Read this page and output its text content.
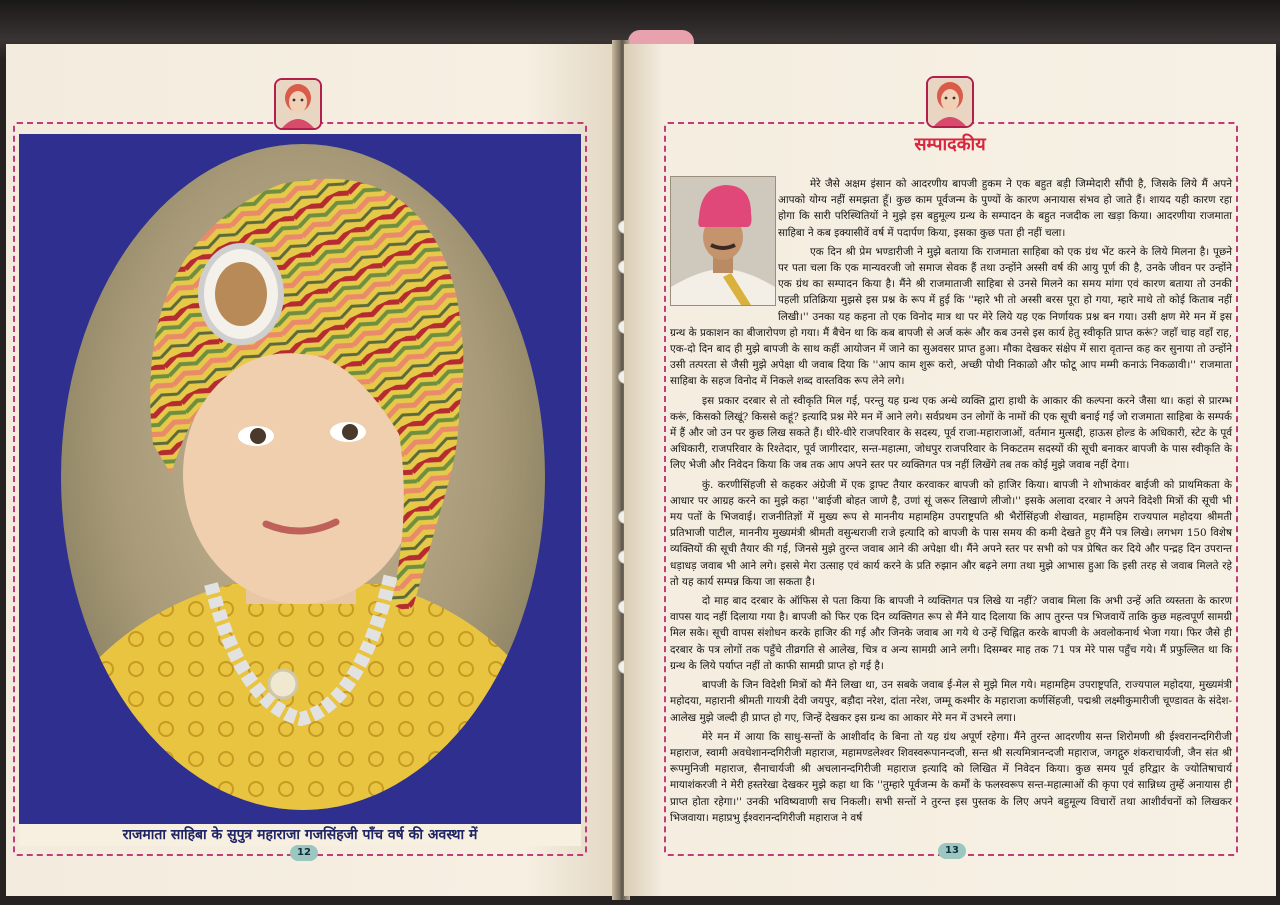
राजमाता साहिबा के सुपुत्र महाराजा गजसिंहजी पाँच वर्ष की अवस्था में
12
सम्पादकीय

मेरे जैसे अक्षम इंसान को आदरणीय बापजी हुकम ने एक बहुत बड़ी जिम्मेदारी सौंपी है, जिसके लिये मैं अपने आपको योग्य नहीं समझता हूँ। कुछ काम पूर्वजन्म के पुण्यों के कारण अनायास संभव हो जाते हैं। शायद यही कारण रहा होगा कि सारी परिस्थितियों ने मुझे इस बहुमूल्य ग्रन्थ के सम्पादन के बहुत नजदीक ला खड़ा किया। आदरणीया राजमाता साहिबा ने कब इक्यासीवें वर्ष में पदार्पण किया, इसका कुछ पता ही नहीं चला।

एक दिन श्री प्रेम भण्डारीजी ने मुझे बताया कि राजमाता साहिबा को एक ग्रंथ भेंट करने के लिये मिलना है। पूछने पर पता चला कि एक मान्यवरजी जो समाज सेवक हैं तथा उन्होंने अस्सी वर्ष की आयु पूर्ण की है, उनके जीवन पर उन्होंने एक ग्रंथ का सम्पादन किया है। मैंने श्री राजमाताजी साहिबा से उनसे मिलने का समय मांगा एवं कारण बताया तो उनकी पहली प्रतिक्रिया मुझसे इस प्रश्न के रूप में हुई कि ''म्हारे भी तो अस्सी बरस पूरा हो गया, म्हारे माथे तो कोई किताब नहीं लिखी।'' उनका यह कहना तो एक विनोद मात्र था पर मेरे लिये यह एक निर्णायक प्रश्न बन गया। उसी क्षण मेरे मन में इस ग्रन्थ के प्रकाशन का बीजारोपण हो गया। मैं बैचेन था कि कब बापजी से अर्ज करूं और कब उनसे इस कार्य हेतु स्वीकृति प्राप्त करूं? जहाँ चाह वहाँ राह, एक-दो दिन बाद ही मुझे बापजी के साथ कहीं आयोजन में जाने का सुअवसर प्राप्त हुआ। मौका देखकर संक्षेप में सारा वृतान्त कह कर सुनाया तो उन्होंने उसी तत्परता से जैसी मुझे अपेक्षा थी जवाब दिया कि ''आप काम शुरू करो, अच्छी पोथी निकाळो और फोटू आप मम्मी कनाऊं निकळावी।'' राजमाता साहिबा के सहज विनोद में निकले शब्द वास्तविक रूप लेने लगे।

इस प्रकार दरबार से तो स्वीकृति मिल गई, परन्तु यह ग्रन्थ एक अन्धे व्यक्ति द्वारा हाथी के आकार की कल्पना करने जैसा था। कहां से प्रारम्भ करूं, किसको लिखूं? किससे कहूं? इत्यादि प्रश्न मेरे मन में आने लगे। सर्वप्रथम उन लोगों के नामों की एक सूची बनाई गई जो राजमाता साहिबा के सम्पर्क में हैं और जो उन पर कुछ लिख सकते हैं। धीरे-धीरे राजपरिवार के सदस्य, पूर्व राजा-महाराजाओं, वर्तमान मुत्सद्दी, हाऊस होल्ड के अधिकारी, स्टेट के पूर्व अधिकारी, राजपरिवार के रिश्तेदार, पूर्व जागीरदार, सन्त-महात्मा, जोधपुर राजपरिवार के निकटतम सदस्यों की सूची बनाकर बापजी के पास स्वीकृति के लिए भेजी और निवेदन किया कि जब तक आप अपने स्तर पर व्यक्तिगत पत्र नहीं लिखेंगे तब तक कोई मुझे जवाब नहीं देगा।

कुं. करणीसिंहजी से कहकर अंग्रेजी में एक ड्राफ्ट तैयार करवाकर बापजी को हाजिर किया। बापजी ने शोभाकंवर बाईजी को प्राथमिकता के आधार पर आग्रह करने का मुझे कहा ''बाईजी बोहत जाणे है, उणां सूं जरूर लिखाणे लीजो।'' इसके अलावा दरबार ने अपने विदेशी मित्रों की सूची भी मय पतों के भिजवाई। राजनीतिज्ञों में मुख्य रूप से माननीय महामहिम उपराष्ट्रपति श्री भैरोंसिंहजी शेखावत, महामहिम राज्यपाल महोदया श्रीमती प्रतिभाजी पाटील, माननीय मुख्यमंत्री श्रीमती वसुन्धराजी राजे इत्यादि को बापजी के पास समय की कमी देखते हुए मैंने पत्र लिखे। लगभग 150 विशेष व्यक्तियों की सूची तैयार की गई, जिनसे मुझे तुरन्त जवाब आने की अपेक्षा थी। मैंने अपने स्तर पर सभी को पत्र प्रेषित कर दिये और पन्द्रह दिन उपरान्त धड़ाधड़ जवाब भी आने लगे। इससे मेरा उत्साह एवं कार्य करने के प्रति रुझान और बढ़ने लगा तथा मुझे आभास हुआ कि इसी तरह से जवाब मिलते रहे तो यह कार्य सम्पन्न किया जा सकता है।

दो माह बाद दरबार के ऑफिस से पता किया कि बापजी ने व्यक्तिगत पत्र लिखे या नहीं? जवाब मिला कि अभी उन्हें अति व्यस्तता के कारण वापस याद नहीं दिलाया गया है। बापजी को फिर एक दिन व्यक्तिगत रूप से मैंने याद दिलाया कि आप तुरन्त पत्र भिजवायें ताकि कुछ महत्वपूर्ण सामग्री मिल सके। सूची वापस संशोधन करके हाजिर की गई और जिनके जवाब आ गये थे उन्हें चिह्नित करके बापजी के अवलोकनार्थ भेजा गया। फिर जैसे ही दरबार के पत्र लोगों तक पहुँचे तीव्रगति से आलेख, चित्र व अन्य सामग्री आने लगी। दिसम्बर माह तक 71 पत्र मेरे पास पहुँच गये। मैं प्रफुल्लित था कि ग्रन्थ के लिये पर्याप्त नहीं तो काफी सामग्री प्राप्त हो गई है।

बापजी के जिन विदेशी मित्रों को मैंने लिखा था, उन सबके जवाब ई-मेल से मुझे मिल गये। महामहिम उपराष्ट्रपति, राज्यपाल महोदया, मुख्यमंत्री महोदया, महारानी श्रीमती गायत्री देवी जयपुर, बड़ौदा नरेश, दांता नरेश, जम्मू कश्मीर के महाराजा कर्णसिंहजी, पद्मश्री लक्ष्मीकुमारीजी चूण्डावत के संदेश-आलेख मुझे जल्दी ही प्राप्त हो गए, जिन्हें देखकर इस ग्रन्थ का आकार मेरे मन में उभरने लगा।

मेरे मन में आया कि साधु-सन्तों के आशीर्वाद के बिना तो यह ग्रंथ अपूर्ण रहेगा। मैंने तुरन्त आदरणीय सन्त शिरोमणी श्री ईश्वरानन्दगिरीजी महाराज, स्वामी अवधेशानन्दगिरीजी महाराज, महामण्डलेश्वर शिवस्वरूपानन्दजी, सन्त श्री सत्यमित्रानन्दजी महाराज, जगद्गुरु शंकराचार्यजी, जैन संत श्री रूपमुनिजी महाराज, सैनाचार्यजी श्री अचलानन्दगिरीजी महाराज इत्यादि को लिखित में निवेदन किया। कुछ समय पूर्व हरिद्वार के ज्योतिषाचार्य मायाशंकरजी ने मेरी हस्तरेखा देखकर मुझे कहा था कि ''तुम्हारे पूर्वजन्म के कर्मों के फलस्वरूप सन्त-महात्माओं की कृपा एवं सान्निध्य तुम्हें अनायास ही प्राप्त होता रहेगा।'' उनकी भविष्यवाणी सच निकली। सभी सन्तों ने तुरन्त इस पुस्तक के लिए अपने बहुमूल्य विचारों तथा आशीर्वचनों को लिखकर भिजवाया। महाप्रभु ईश्वरानन्दगिरीजी महाराज ने वर्ष

13
